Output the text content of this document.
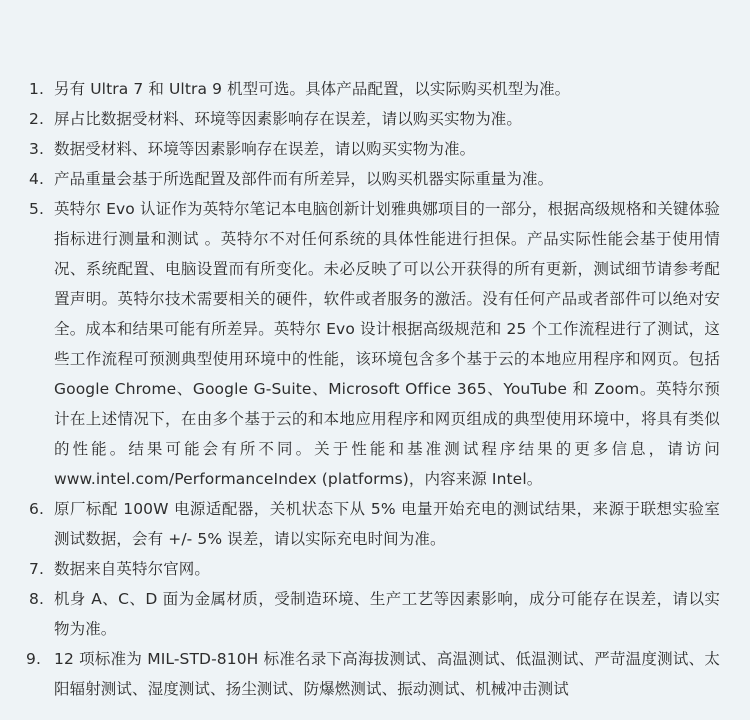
1. 另有 Ultra 7 和 Ultra 9 机型可选。具体产品配置，以实际购买机型为准。
2. 屏占比数据受材料、环境等因素影响存在误差，请以购买实物为准。
3. 数据受材料、环境等因素影响存在误差，请以购买实物为准。
4. 产品重量会基于所选配置及部件而有所差异，以购买机器实际重量为准。
5. 英特尔 Evo 认证作为英特尔笔记本电脑创新计划雅典娜项目的一部分，根据高级规格和关键体验指标进行测量和测试 。英特尔不对任何系统的具体性能进行担保。产品实际性能会基于使用情况、系统配置、电脑设置而有所变化。未必反映了可以公开获得的所有更新，测试细节请参考配置声明。英特尔技术需要相关的硬件，软件或者服务的激活。没有任何产品或者部件可以绝对安全。成本和结果可能有所差异。英特尔 Evo 设计根据高级规范和 25 个工作流程进行了测试，这些工作流程可预测典型使用环境中的性能，该环境包含多个基于云的本地应用程序和网页。包括 Google Chrome、Google G-Suite、Microsoft Office 365、YouTube 和 Zoom。英特尔预计在上述情况下，在由多个基于云的和本地应用程序和网页组成的典型使用环境中，将具有类似的性能。结果可能会有所不同。关于性能和基准测试程序结果的更多信息，请访问 www.intel.com/PerformanceIndex (platforms)，内容来源 Intel。
6. 原厂标配 100W 电源适配器，关机状态下从 5% 电量开始充电的测试结果，来源于联想实验室测试数据，会有 +/- 5% 误差，请以实际充电时间为准。
7. 数据来自英特尔官网。
8. 机身 A、C、D 面为金属材质，受制造环境、生产工艺等因素影响，成分可能存在误差，请以实物为准。
9. 12 项标准为 MIL-STD-810H 标准名录下高海拔测试、高温测试、低温测试、严苛温度测试、太阳辐射测试、湿度测试、扬尘测试、防爆燃测试、振动测试、机械冲击测试
